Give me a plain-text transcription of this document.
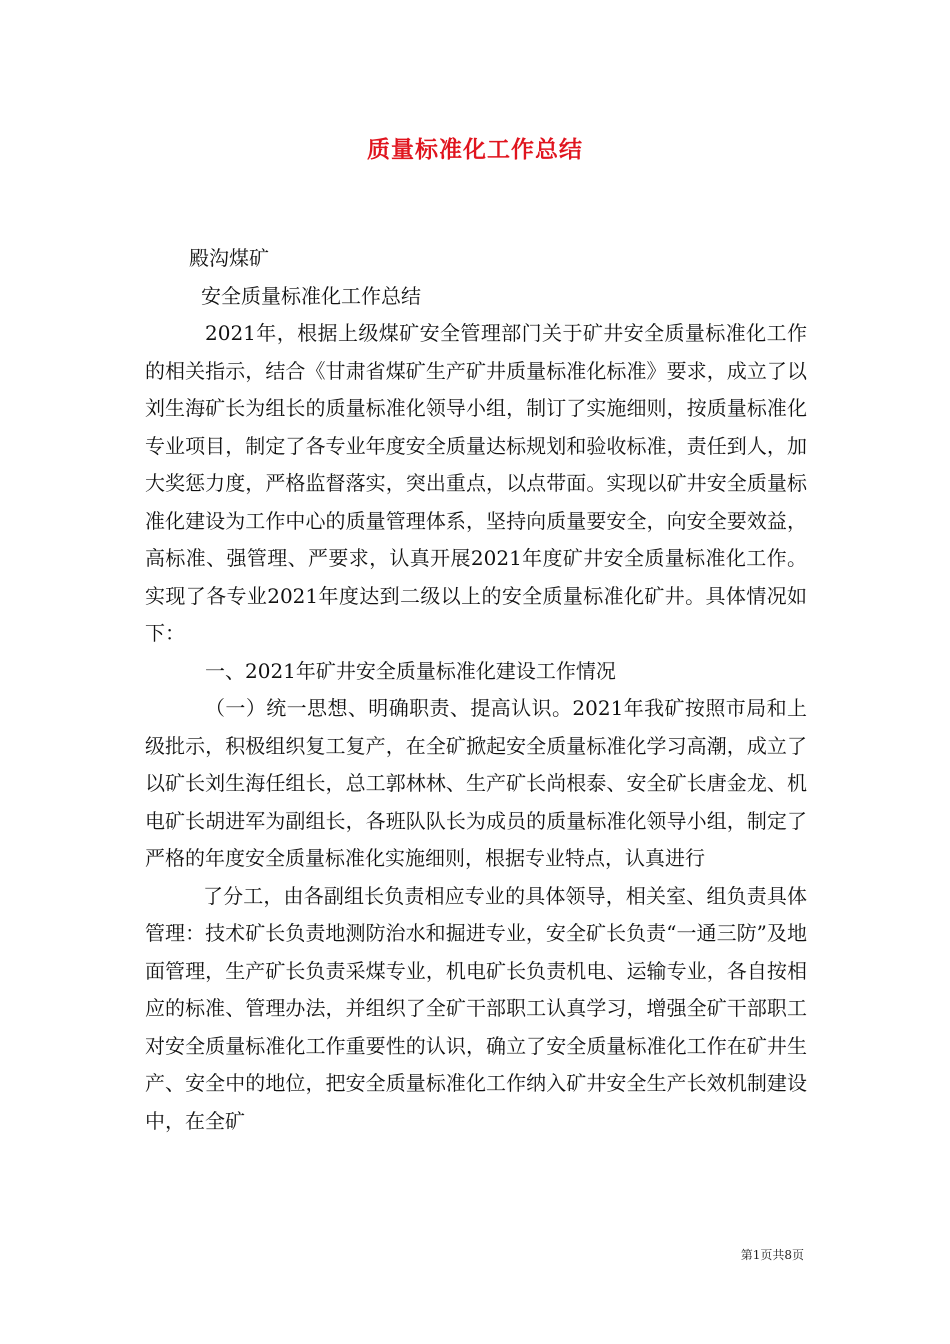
质量标准化工作总结

殿沟煤矿

安全质量标准化工作总结

2021年，根据上级煤矿安全管理部门关于矿井安全质量标准化工作的相关指示，结合《甘肃省煤矿生产矿井质量标准化标准》要求，成立了以刘生海矿长为组长的质量标准化领导小组，制订了实施细则，按质量标准化专业项目，制定了各专业年度安全质量达标规划和验收标准，责任到人，加大奖惩力度，严格监督落实，突出重点，以点带面。实现以矿井安全质量标准化建设为工作中心的质量管理体系，坚持向质量要安全，向安全要效益，高标准、强管理、严要求，认真开展2021年度矿井安全质量标准化工作。实现了各专业2021年度达到二级以上的安全质量标准化矿井。具体情况如下：

一、2021年矿井安全质量标准化建设工作情况

（一）统一思想、明确职责、提高认识。2021年我矿按照市局和上级批示，积极组织复工复产，在全矿掀起安全质量标准化学习高潮，成立了以矿长刘生海任组长，总工郭林林、生产矿长尚根泰、安全矿长唐金龙、机电矿长胡进军为副组长，各班队队长为成员的质量标准化领导小组，制定了严格的年度安全质量标准化实施细则，根据专业特点，认真进行

了分工，由各副组长负责相应专业的具体领导，相关室、组负责具体管理：技术矿长负责地测防治水和掘进专业，安全矿长负责“一通三防”及地面管理，生产矿长负责采煤专业，机电矿长负责机电、运输专业，各自按相应的标准、管理办法，并组织了全矿干部职工认真学习，增强全矿干部职工对安全质量标准化工作重要性的认识，确立了安全质量标准化工作在矿井生产、安全中的地位，把安全质量标准化工作纳入矿井安全生产长效机制建设中，在全矿

第1页共8页
